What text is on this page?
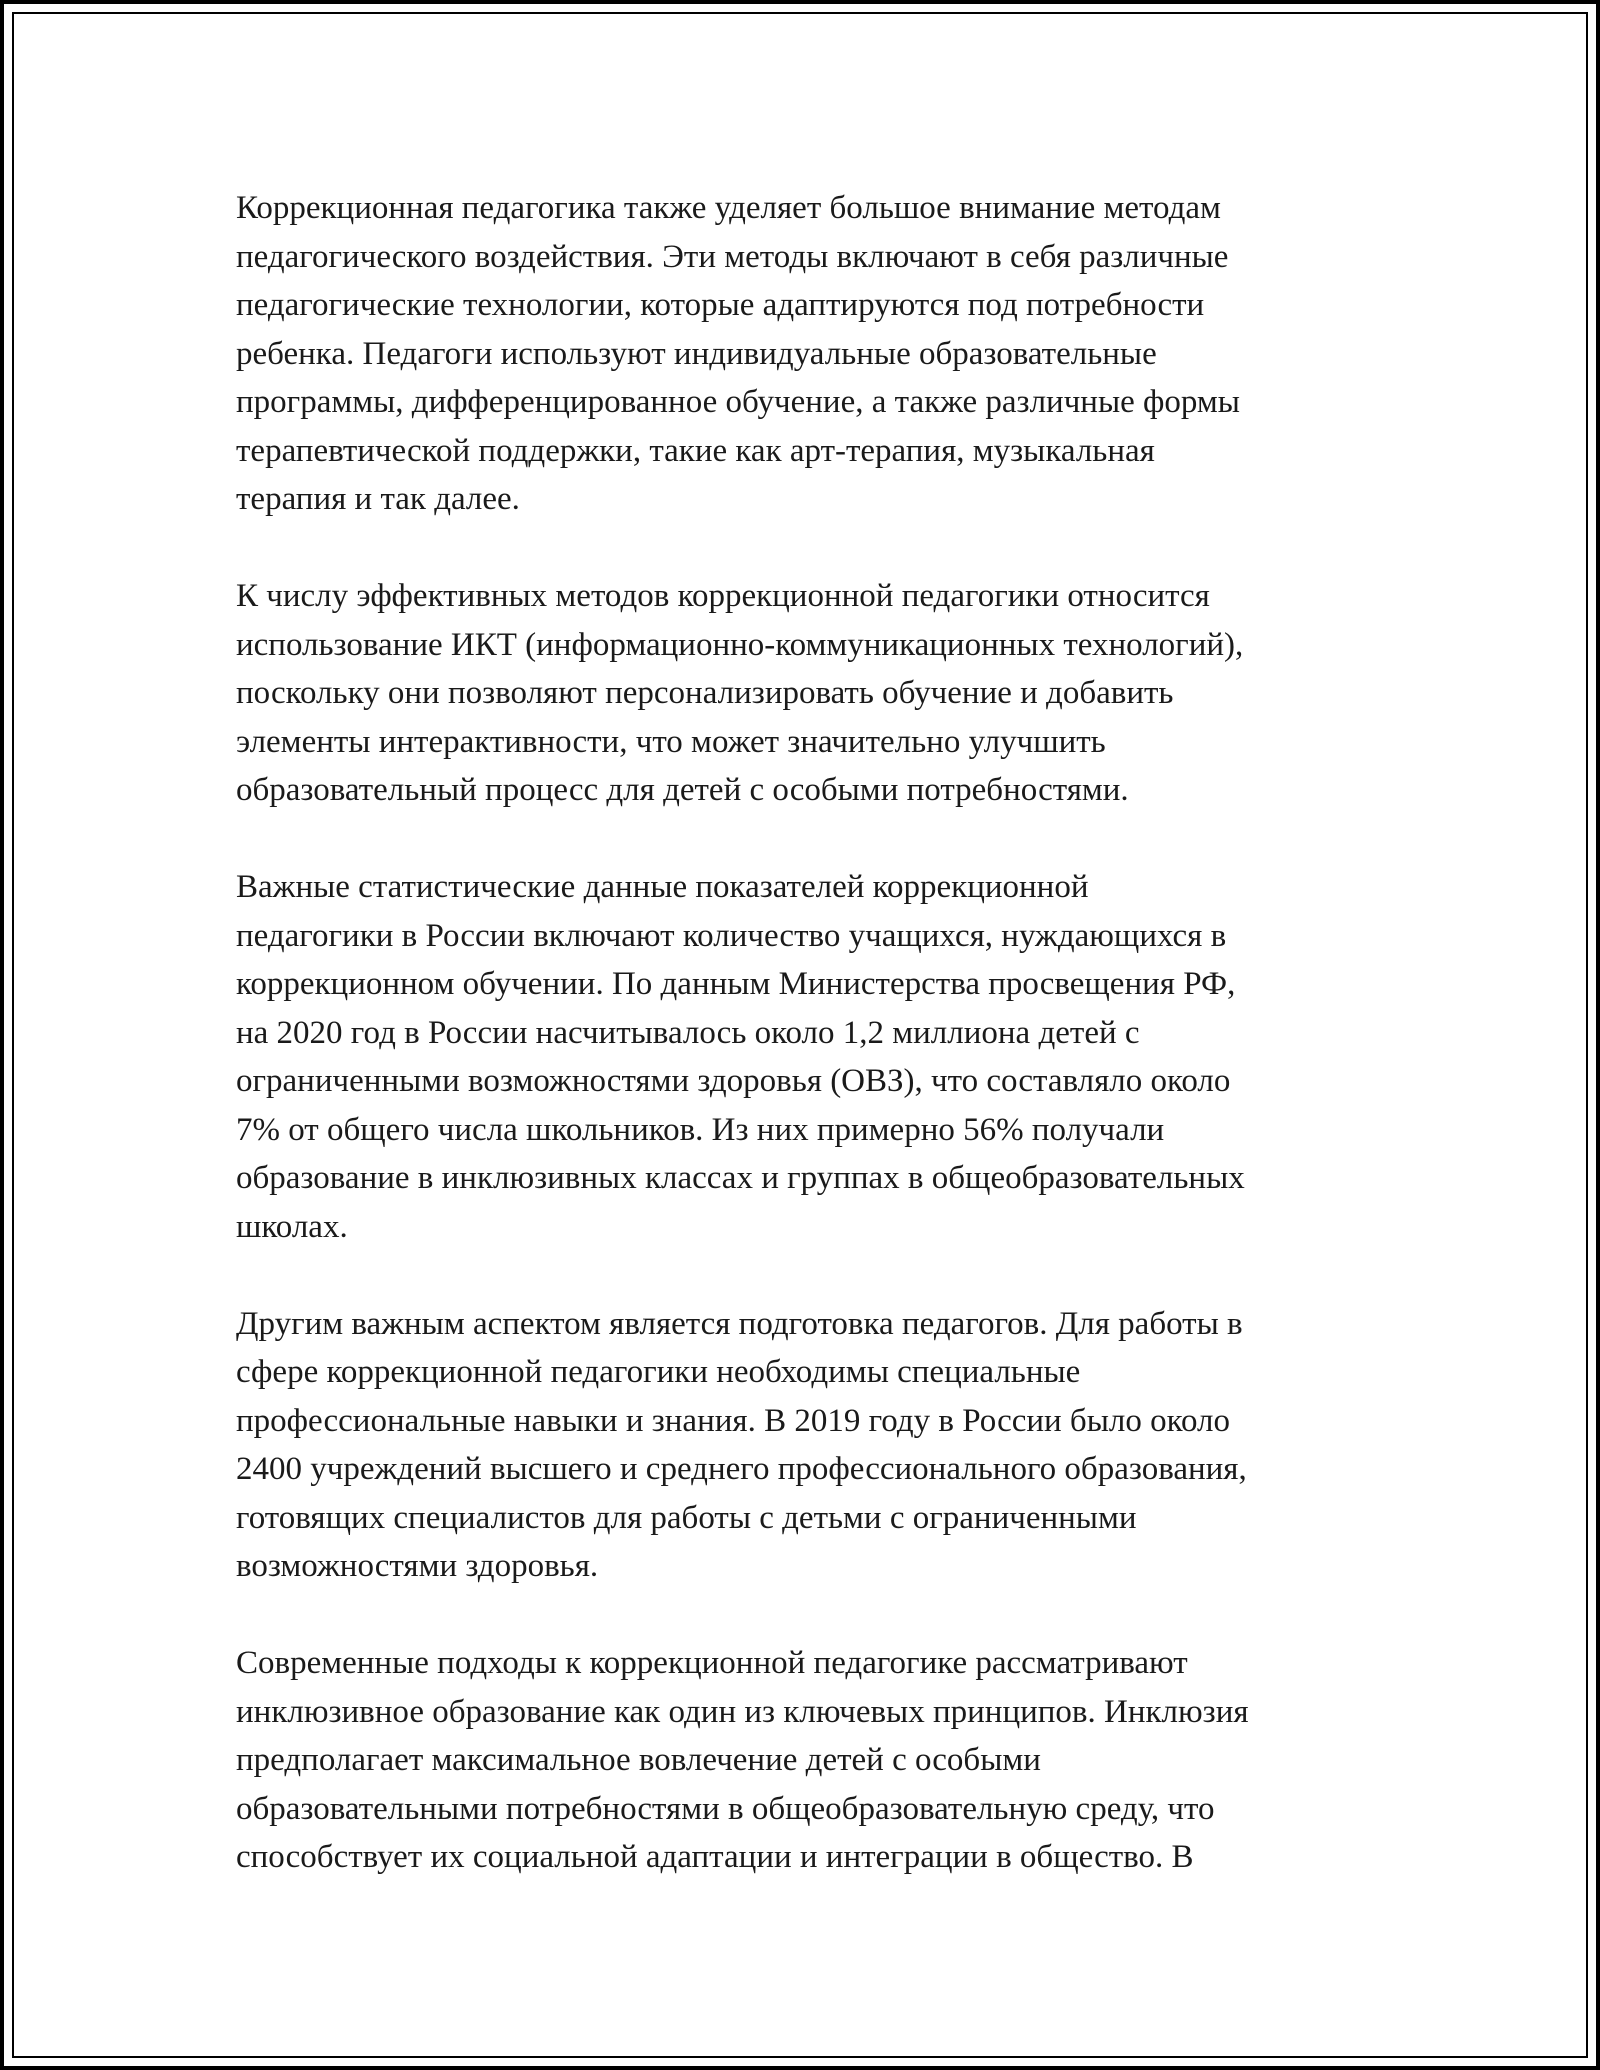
Коррекционная педагогика также уделяет большое внимание методам
педагогического воздействия. Эти методы включают в себя различные
педагогические технологии, которые адаптируются под потребности
ребенка. Педагоги используют индивидуальные образовательные
программы, дифференцированное обучение, а также различные формы
терапевтической поддержки, такие как арт-терапия, музыкальная
терапия и так далее.

К числу эффективных методов коррекционной педагогики относится
использование ИКТ (информационно-коммуникационных технологий),
поскольку они позволяют персонализировать обучение и добавить
элементы интерактивности, что может значительно улучшить
образовательный процесс для детей с особыми потребностями.

Важные статистические данные показателей коррекционной
педагогики в России включают количество учащихся, нуждающихся в
коррекционном обучении. По данным Министерства просвещения РФ,
на 2020 год в России насчитывалось около 1,2 миллиона детей с
ограниченными возможностями здоровья (ОВЗ), что составляло около
7% от общего числа школьников. Из них примерно 56% получали
образование в инклюзивных классах и группах в общеобразовательных
школах.

Другим важным аспектом является подготовка педагогов. Для работы в
сфере коррекционной педагогики необходимы специальные
профессиональные навыки и знания. В 2019 году в России было около
2400 учреждений высшего и среднего профессионального образования,
готовящих специалистов для работы с детьми с ограниченными
возможностями здоровья.

Современные подходы к коррекционной педагогике рассматривают
инклюзивное образование как один из ключевых принципов. Инклюзия
предполагает максимальное вовлечение детей с особыми
образовательными потребностями в общеобразовательную среду, что
способствует их социальной адаптации и интеграции в общество. В
